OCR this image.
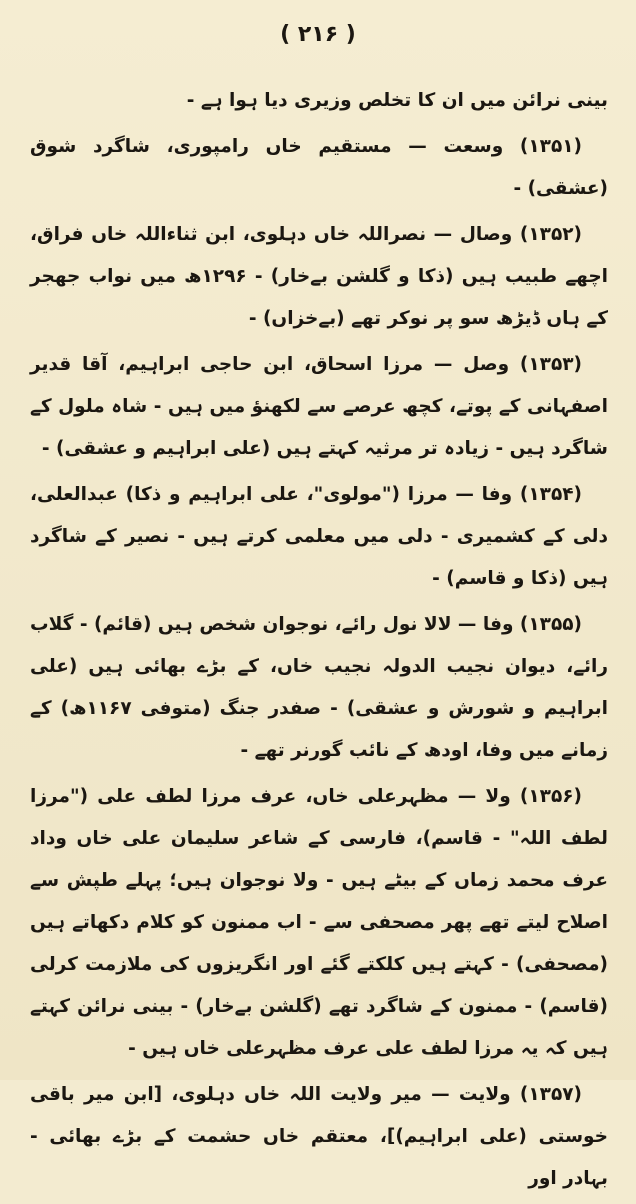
( ۲۱۶ )

بینی نرائن میں ان کا تخلص وزیری دیا ہوا ہے -

(۱۳۵۱) وسعت — مستقیم خاں رامپوری، شاگرد شوق (عشقی) -

(۱۳۵۲) وصال — نصراللہ خاں دہلوی، ابن ثناءاللہ خاں فراق، اچھے طبیب ہیں (ذکا و گلشن بےخار) - ۱۲۹۶ھ میں نواب جھجر کے ہاں ڈیڑھ سو پر نوکر تھے (بےخزاں) -

(۱۳۵۳) وصل — مرزا اسحاق، ابن حاجی ابراہیم، آقا قدیر اصفہانی کے پوتے، کچھ عرصے سے لکھنؤ میں ہیں - شاہ ملول کے شاگرد ہیں - زیادہ تر مرثیہ کہتے ہیں (علی ابراہیم و عشقی) -

(۱۳۵۴) وفا — مرزا ("مولوی"، علی ابراہیم و ذکا) عبدالعلی، دلی کے کشمیری - دلی میں معلمی کرتے ہیں - نصیر کے شاگرد ہیں (ذکا و قاسم) -

(۱۳۵۵) وفا — لالا نول رائے، نوجوان شخص ہیں (قائم) - گلاب رائے، دیوان نجیب الدولہ نجیب خاں، کے بڑے بھائی ہیں (علی ابراہیم و شورش و عشقی) - صفدر جنگ (متوفی ۱۱۶۷ھ) کے زمانے میں وفا، اودھ کے نائب گورنر تھے -

(۱۳۵۶) ولا — مظہرعلی خاں، عرف مرزا لطف علی ("مرزا لطف اللہ" - قاسم)، فارسی کے شاعر سلیمان علی خاں وداد عرف محمد زماں کے بیٹے ہیں - ولا نوجوان ہیں؛ پہلے طپش سے اصلاح لیتے تھے پھر مصحفی سے - اب ممنون کو کلام دکھاتے ہیں (مصحفی) - کہتے ہیں کلکتے گئے اور انگریزوں کی ملازمت کرلی (قاسم) - ممنون کے شاگرد تھے (گلشن بےخار) - بینی نرائن کہتے ہیں کہ یہ مرزا لطف علی عرف مظہرعلی خاں ہیں -

(۱۳۵۷) ولایت — میر ولایت اللہ خاں دہلوی، [ابن میر باقی خوستی (علی ابراہیم)]، معتقم خاں حشمت کے بڑے بھائی - بہادر اور
